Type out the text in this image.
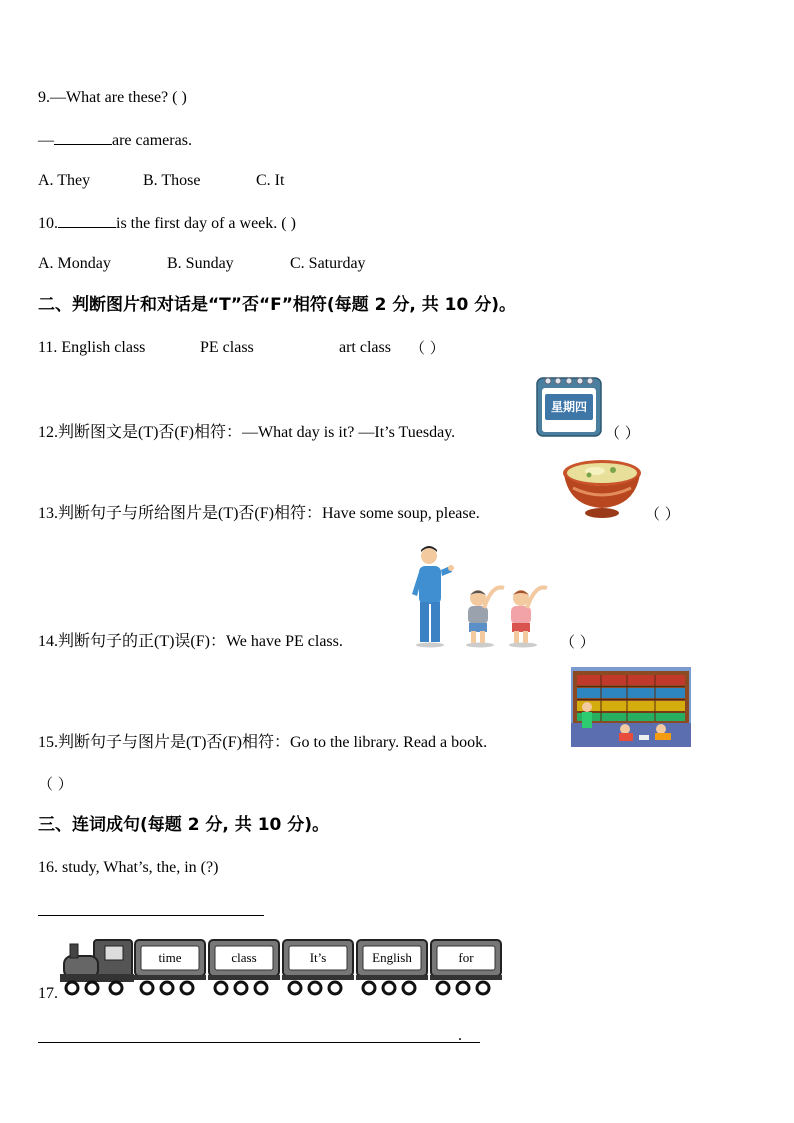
9.—What are these? ( )
—	are cameras.
A. They	B. Those	C. It
10.	is the first day of a week. ( )
A. Monday	B. Sunday	C. Saturday
二、判断图片和对话是“T”否“F”相符(每题 2 分, 共 10 分)。
11. English class	PE class	art class （ ）
12.判断图文是(T)否(F)相符：—What day is it? —It’s Tuesday.
星期四
（ ）
13.判断句子与所给图片是(T)否(F)相符：Have some soup, please.	（ ）
14.判断句子的正(T)误(F)：We have PE class.	（ ）
15.判断句子与图片是(T)否(F)相符：Go to the library. Read a book.
（ ）
三、连词成句(每题 2 分, 共 10 分)。
16. study, What’s, the, in (?)
17.
time	class	It’s	English	for
.
